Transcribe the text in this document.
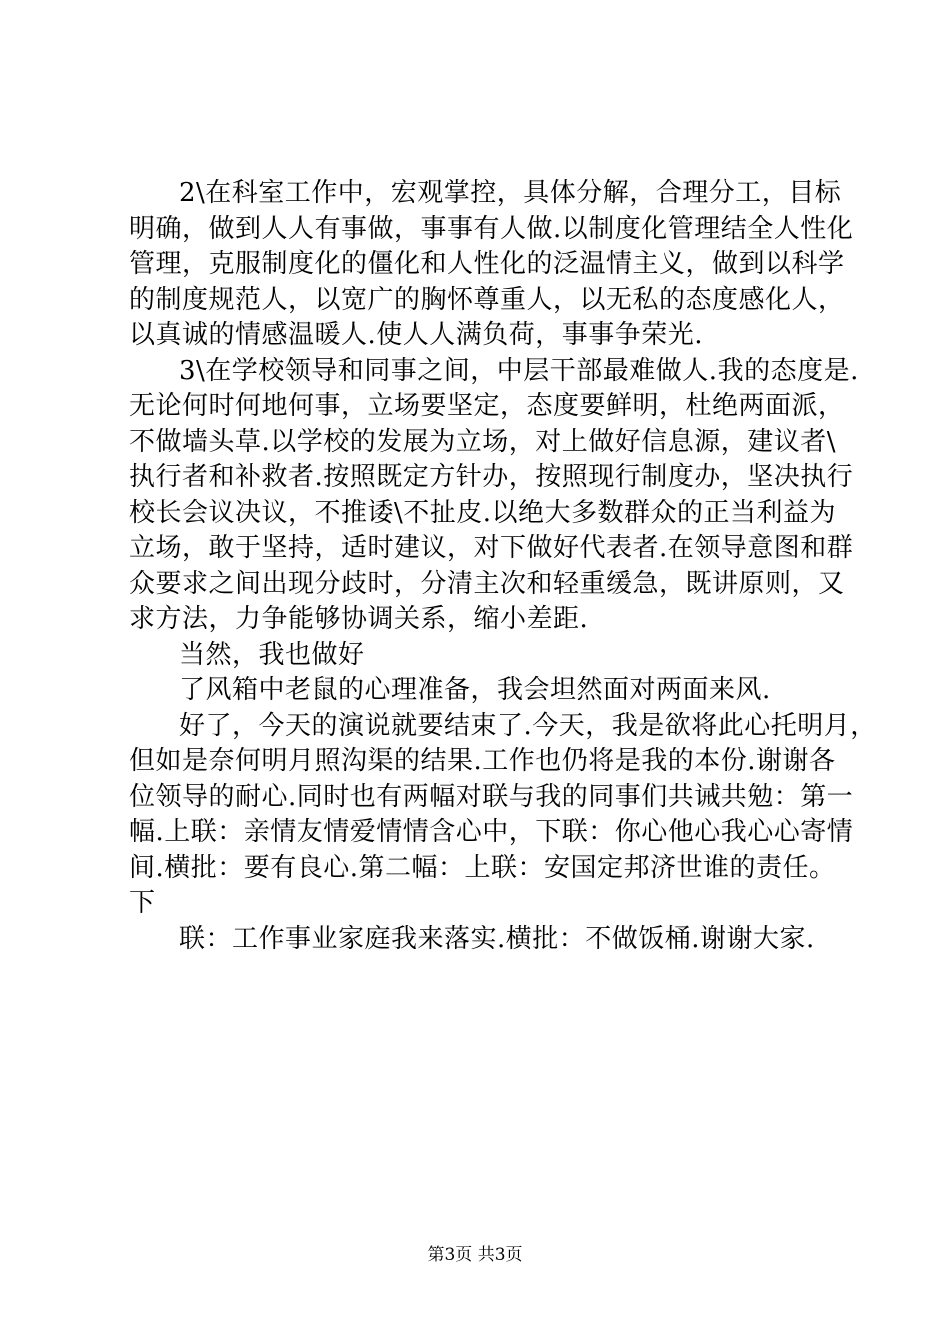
2\在科室工作中，宏观掌控，具体分解，合理分工，目标
明确，做到人人有事做，事事有人做.以制度化管理结全人性化
管理，克服制度化的僵化和人性化的泛温情主义，做到以科学
的制度规范人，以宽广的胸怀尊重人，以无私的态度感化人，
以真诚的情感温暖人.使人人满负荷，事事争荣光.
3\在学校领导和同事之间，中层干部最难做人.我的态度是.
无论何时何地何事，立场要坚定，态度要鲜明，杜绝两面派，
不做墙头草.以学校的发展为立场，对上做好信息源，建议者\
执行者和补救者.按照既定方针办，按照现行制度办，坚决执行
校长会议决议，不推诿\不扯皮.以绝大多数群众的正当利益为
立场，敢于坚持，适时建议，对下做好代表者.在领导意图和群
众要求之间出现分歧时，分清主次和轻重缓急，既讲原则，又
求方法，力争能够协调关系，缩小差距.
当然，我也做好
了风箱中老鼠的心理准备，我会坦然面对两面来风.
好了，今天的演说就要结束了.今天，我是欲将此心托明月，
但如是奈何明月照沟渠的结果.工作也仍将是我的本份.谢谢各
位领导的耐心.同时也有两幅对联与我的同事们共诫共勉：第一
幅.上联：亲情友情爱情情含心中，下联：你心他心我心心寄情
间.横批：要有良心.第二幅：上联：安国定邦济世谁的责任。
下
联：工作事业家庭我来落实.横批：不做饭桶.谢谢大家.
第3页 共3页
